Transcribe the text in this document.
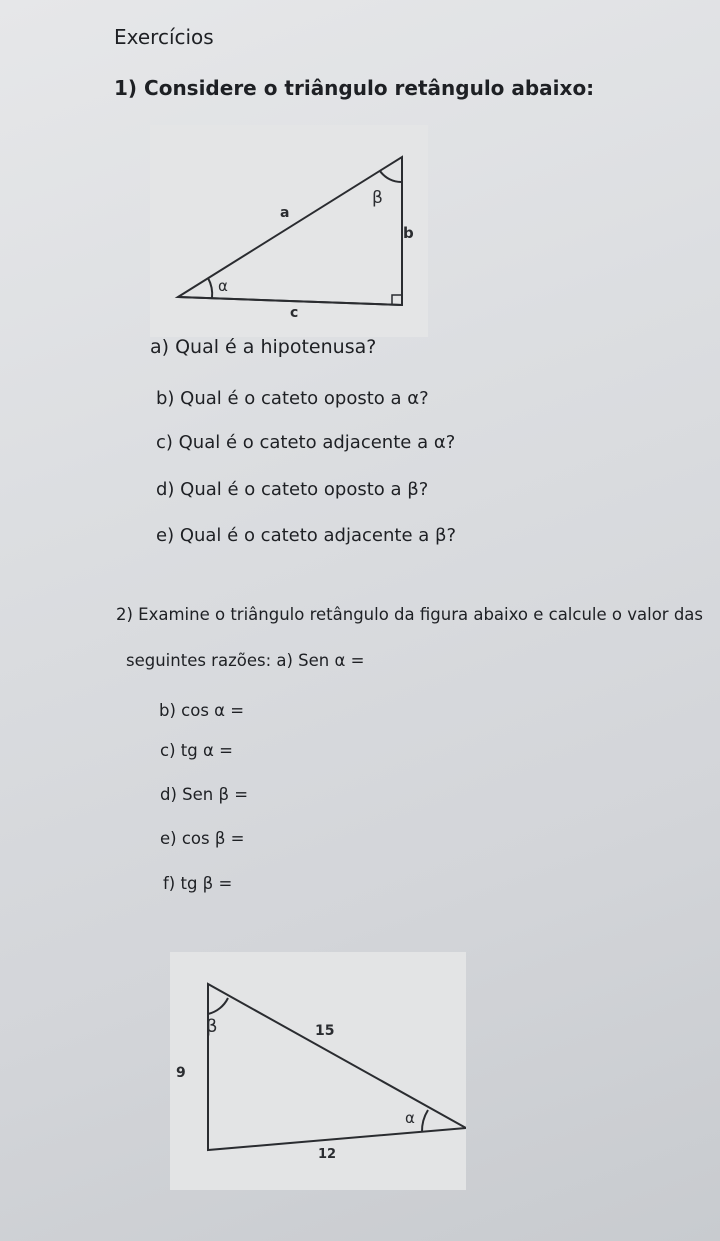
Exercícios
1) Considere o triângulo retângulo abaixo:
a
b
c
α
β
a) Qual é a hipotenusa?
b) Qual é o cateto oposto a α?
c) Qual é o cateto adjacente a α?
d) Qual é o cateto oposto a β?
e) Qual é o cateto adjacente a β?
2) Examine o triângulo retângulo da figura abaixo e calcule o valor das
seguintes razões: a) Sen α =
b) cos α =
c) tg α =
d) Sen β =
e) cos β =
f) tg β =
β	15
9
α
12
